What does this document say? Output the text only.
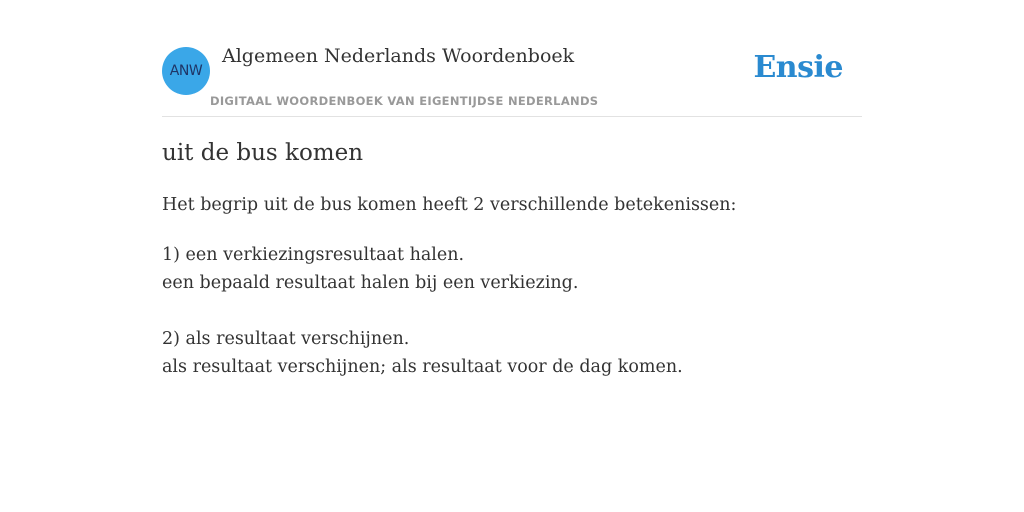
ANW
Algemeen Nederlands Woordenboek
DIGITAAL WOORDENBOEK VAN EIGENTIJDSE NEDERLANDS
Ensie
uit de bus komen

Het begrip uit de bus komen heeft 2 verschillende betekenissen:

1) een verkiezingsresultaat halen.
een bepaald resultaat halen bij een verkiezing.
2) als resultaat verschijnen.
als resultaat verschijnen; als resultaat voor de dag komen.
